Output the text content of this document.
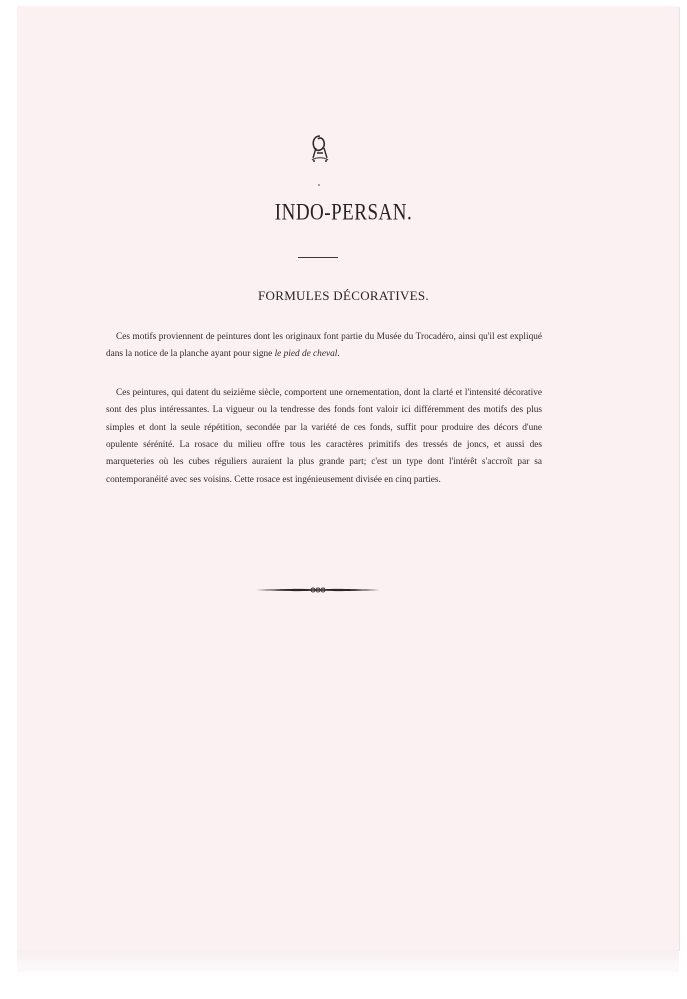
INDO-PERSAN.
FORMULES DÉCORATIVES.

Ces motifs proviennent de peintures dont les originaux font partie du Musée du Trocadéro, ainsi qu'il est expliqué dans la notice de la planche ayant pour signe le pied de cheval.

Ces peintures, qui datent du seizième siècle, comportent une ornementation, dont la clarté et l'intensité décorative sont des plus intéressantes. La vigueur ou la tendresse des fonds font valoir ici différemment des motifs des plus simples et dont la seule répétition, secondée par la variété de ces fonds, suffit pour produire des décors d'une opulente sérénité. La rosace du milieu offre tous les caractères primitifs des tressés de joncs, et aussi des marqueteries où les cubes réguliers auraient la plus grande part; c'est un type dont l'intérêt s'accroît par sa contemporanéité avec ses voisins. Cette rosace est ingénieusement divisée en cinq parties.
